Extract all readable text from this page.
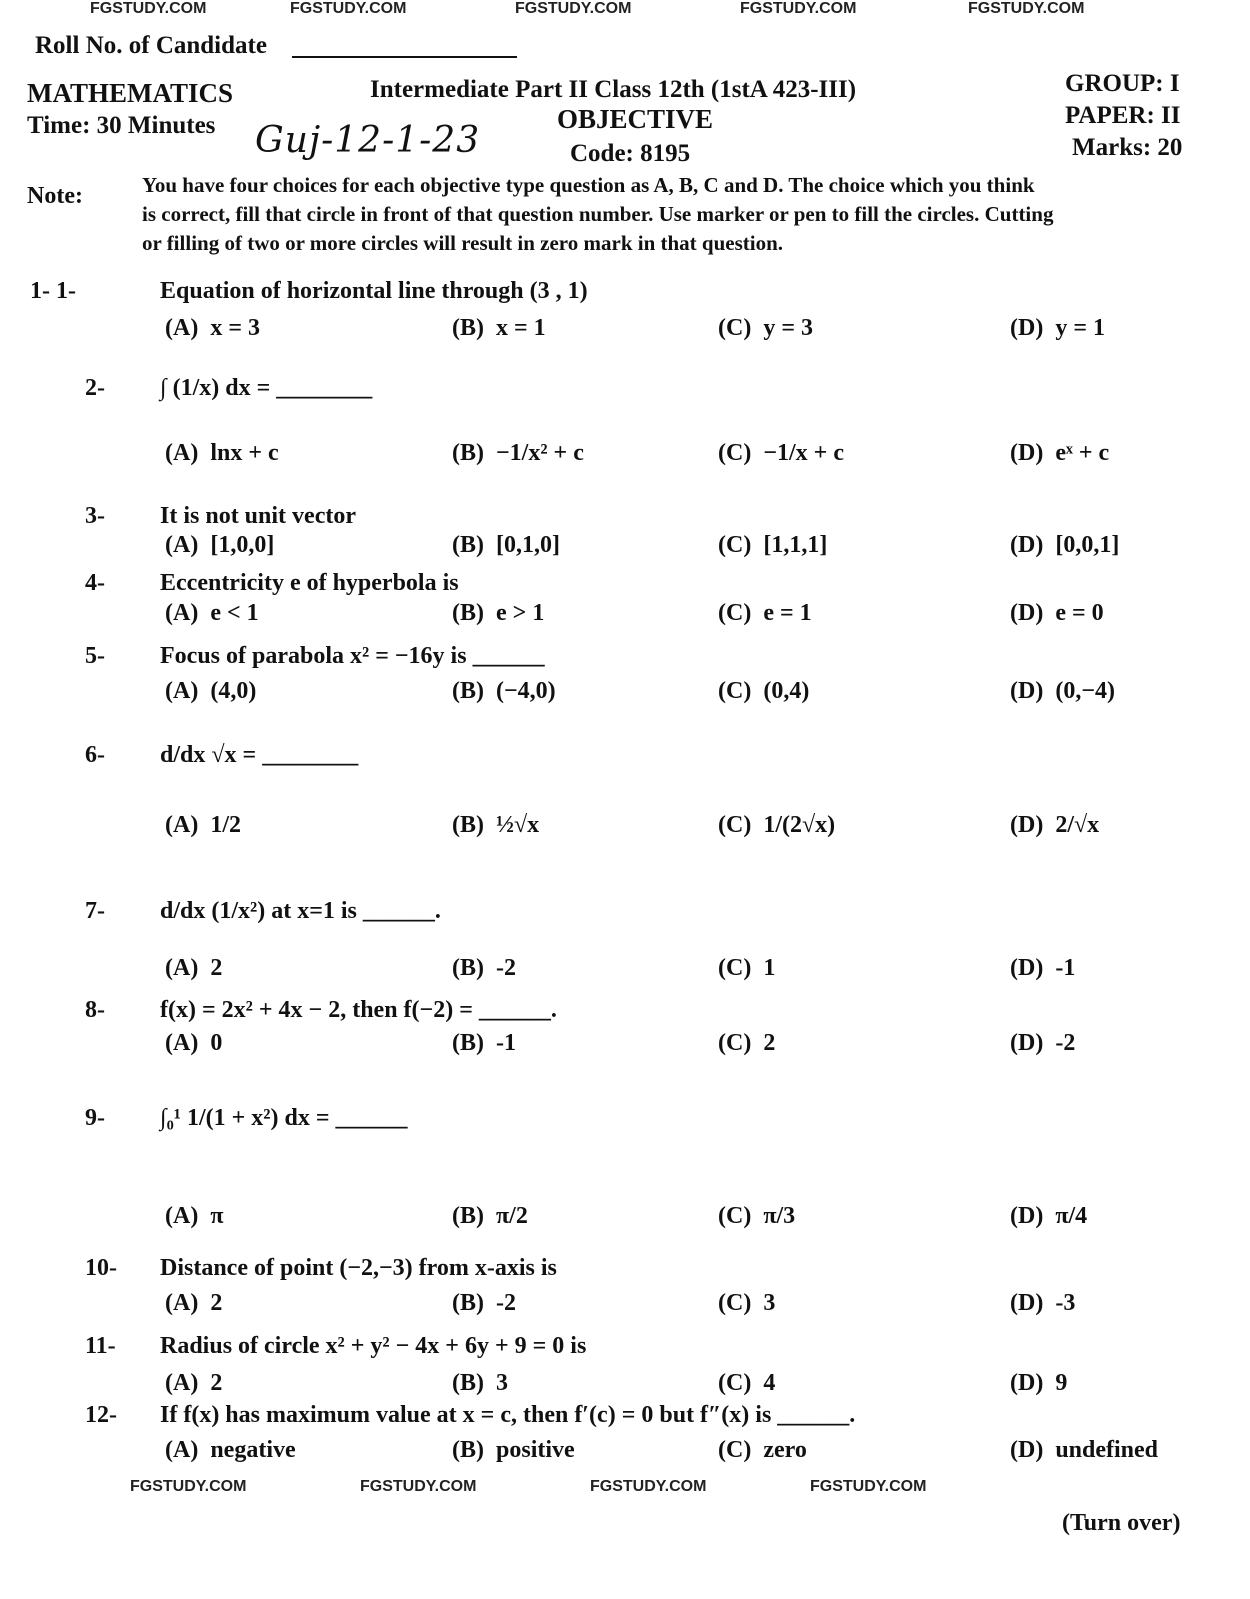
FGSTUDY.COM	FGSTUDY.COM	FGSTUDY.COM	FGSTUDY.COM	FGSTUDY.COM
FGSTUDY.COM	FGSTUDY.COM	FGSTUDY.COM	FGSTUDY.COM
Roll No. of Candidate
MATHEMATICS	Intermediate Part II Class 12th (1stA 423-III)	GROUP: I
Time: 30 Minutes Guj-12-1-23
OBJECTIVE	PAPER: II
Code: 8195	Marks: 20
Note:	You have four choices for each objective type question as A, B, C and D. The choice which you think
is correct, fill that circle in front of that question number. Use marker or pen to fill the circles. Cutting
or filling of two or more circles will result in zero mark in that question.
1- 1-	Equation of horizontal line through (3 , 1)
(A) x = 3	(B) x = 1	(C) y = 3	(D) y = 1
2- ∫ (1/x) dx = ________
(A) lnx + c	(B) −1/x² + c	(C) −1/x + c	(D) eˣ + c
3- It is not unit vector
(A) [1,0,0]	(B) [0,1,0]	(C) [1,1,1]	(D) [0,0,1]
4- Eccentricity e of hyperbola is
(A) e < 1	(B) e > 1	(C) e = 1	(D) e = 0
5- Focus of parabola x² = −16y is ______
(A) (4,0)	(B) (−4,0)	(C) (0,4)	(D) (0,−4)
6- d/dx √x = ________
(A) 1/2	(B) ½√x	(C) 1/(2√x)	(D) 2/√x
7- d/dx (1/x²) at x=1 is ______.
(A) 2	(B) -2	(C) 1	(D) -1
8- f(x) = 2x² + 4x − 2, then f(−2) = ______.
(A) 0	(B) -1	(C) 2	(D) -2
9- ∫₀¹ 1/(1 + x²) dx = ______
(A) π	(B) π/2	(C) π/3	(D) π/4
10- Distance of point (−2,−3) from x-axis is
(A) 2	(B) -2	(C) 3	(D) -3
11- Radius of circle x² + y² − 4x + 6y + 9 = 0 is
(A) 2	(B) 3	(C) 4	(D) 9
12- If f(x) has maximum value at x = c, then f′(c) = 0 but f″(x) is ______.
(A) negative	(B) positive	(C) zero	(D) undefined
(Turn over)
